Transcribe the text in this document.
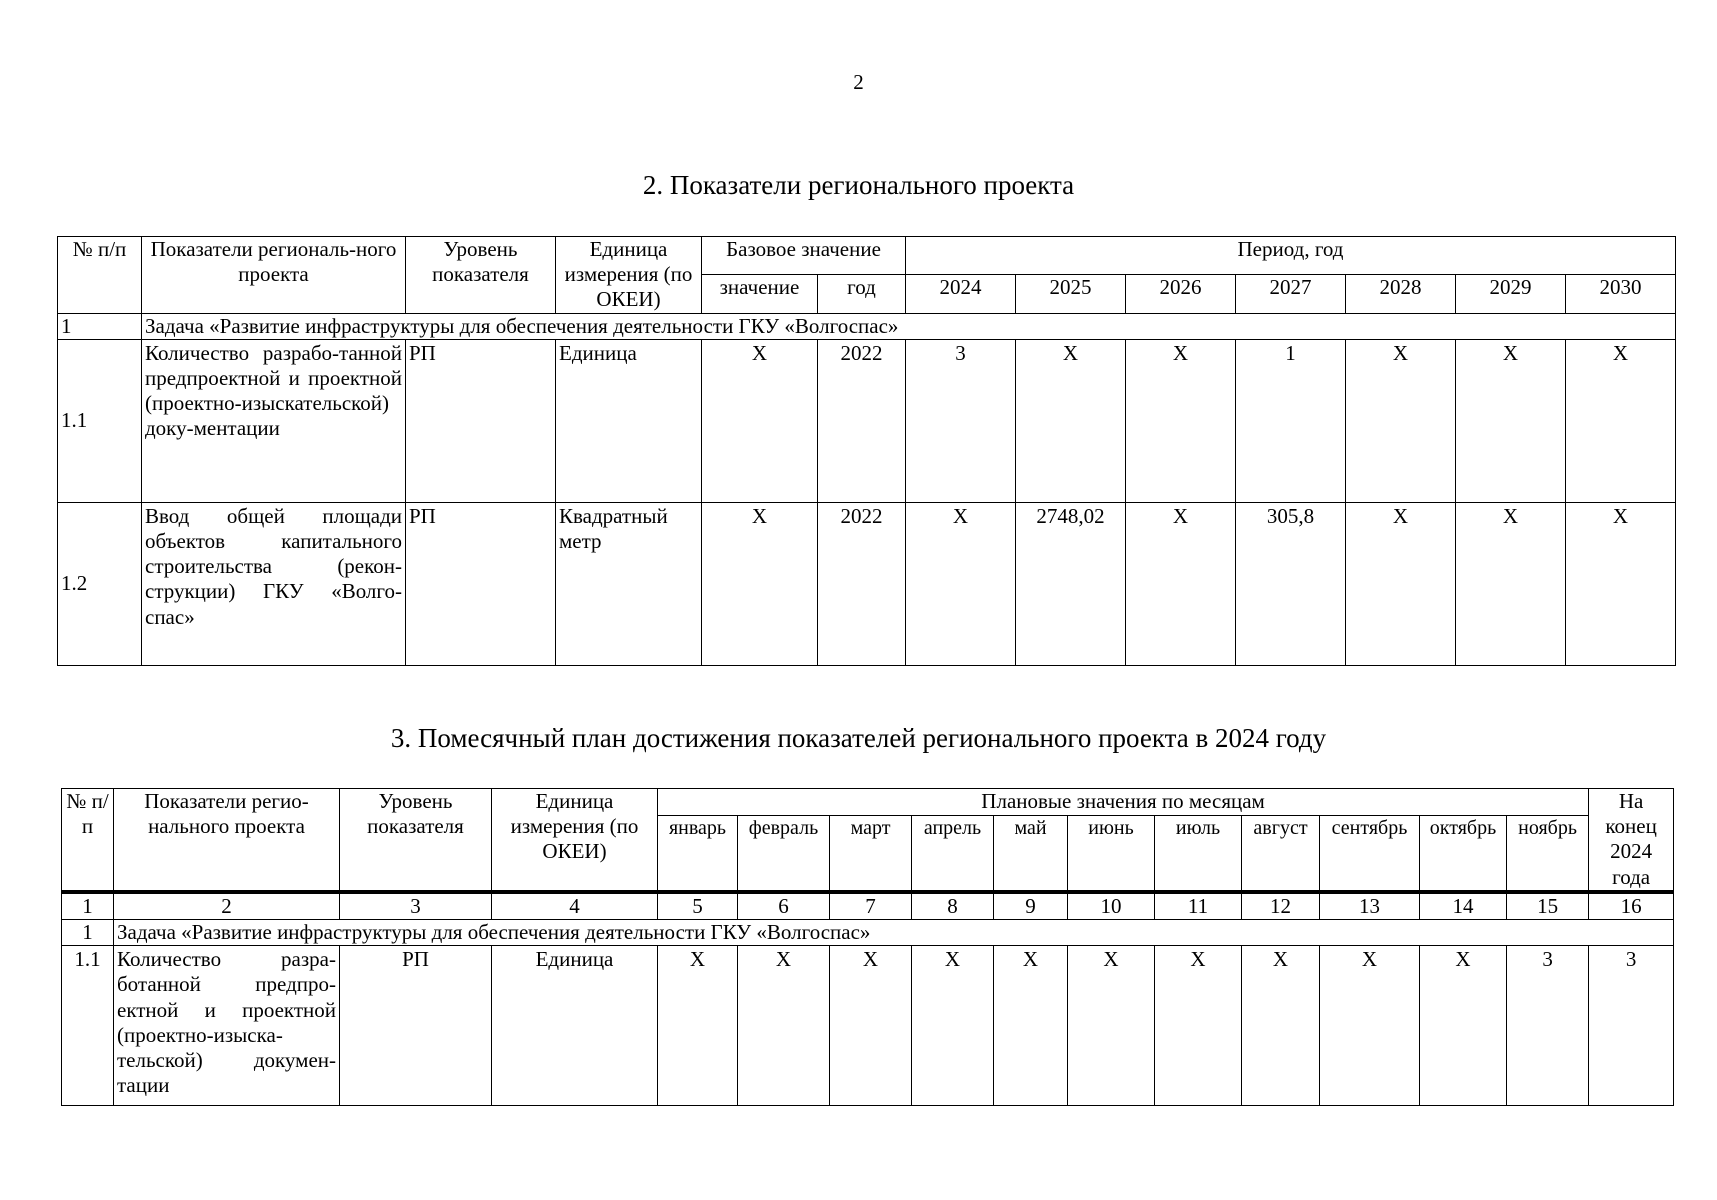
2
2. Показатели регионального проекта
№ п/п	Показатели региональ-ного проекта	Уровень показателя	Единица измерения (по ОКЕИ)	Базовое значение		Период, год						
				значение	год	2024	2025	2026	2027	2028	2029	2030
1	Задача «Развитие инфраструктуры для обеспечения деятельности ГКУ «Волгоспас»											
1.1	Количество разрабо-танной предпроектной и проектной (проектно-изыскательской) доку-ментации	РП	Единица	Х	2022	3	Х	Х	1	Х	Х	Х
1.2	Ввод общей площади объектов капитального строительства (рекон-струкции) ГКУ «Волго-спас»	РП	Квадратный метр	Х	2022	Х	2748,02	Х	305,8	Х	Х	Х
3. Помесячный план достижения показателей регионального проекта в 2024 году
№ п/п	Показатели регио-нального проекта	Уровень показателя	Единица измерения (по ОКЕИ)	Плановые значения по месяцам											На конец 2024 года
				январь	февраль	март	апрель	май	июнь	июль	август	сентябрь	октябрь	ноябрь	
1	2	3	4	5	6	7	8	9	10	11	12	13	14	15	16
1	Задача «Развитие инфраструктуры для обеспечения деятельности ГКУ «Волгоспас»														
1.1	Количество разра-ботанной предпро-ектной и проектной (проектно-изыска-тельской) докумен-тации	РП	Единица	Х	Х	Х	Х	Х	Х	Х	Х	Х	Х	3	3
